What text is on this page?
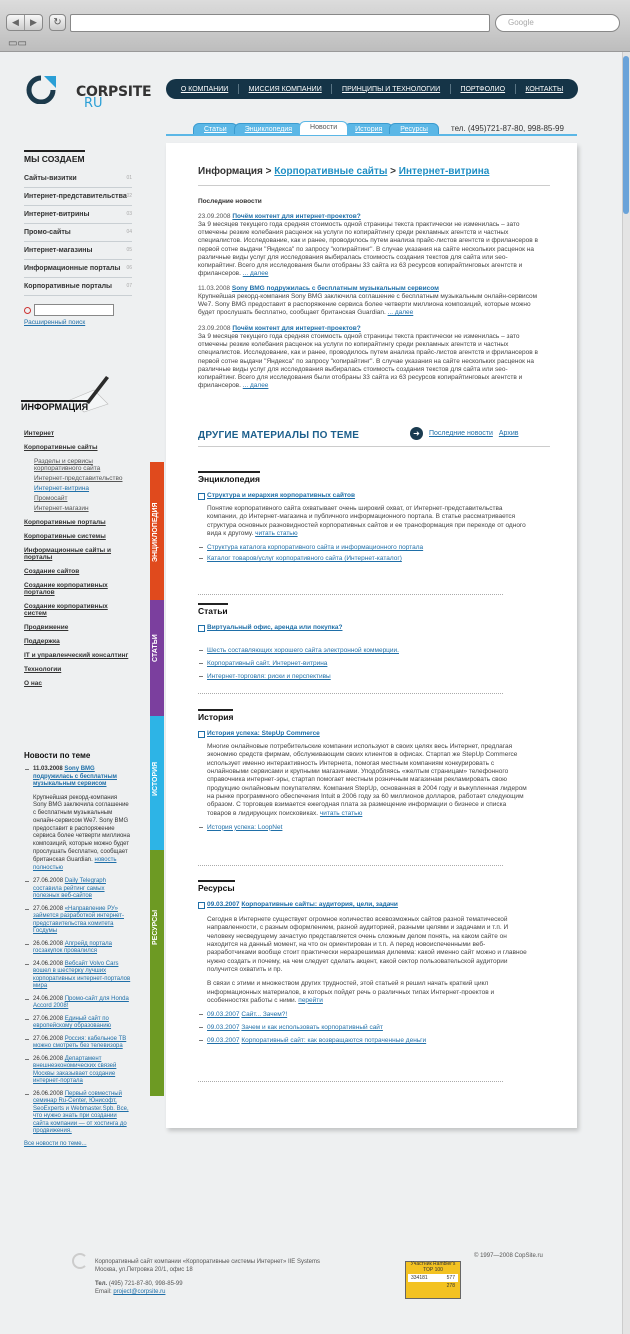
◀	▶	↻	Google
▭▭
CORPSITE
RU
О КОМПАНИИ	МИССИЯ КОМПАНИИ	ПРИНЦИПЫ И ТЕХНОЛОГИИ	ПОРТФОЛИО	КОНТАКТЫ
Статьи	Энциклопедия	Новости	История	Ресурсы	тел. (495)721-87-80, 998-85-99
МЫ СОЗДАЕМ
Сайты-визитки	01
Интернет-представительства 02
Интернет-витрины	03
Промо-сайты	04
Интернет-магазины	05
Информационные порталы 06
Корпоративные порталы	07
Расширенный поиск
ИНФОРМАЦИЯ
Интернет
Корпоративные сайты
Разделы и сервисы корпоративного сайта
Интернет-представительство
Интернет-витрина
Промосайт
Интернет-магазин
Корпоративные порталы
Корпоративные системы
Информационные сайты и порталы
Создание сайтов
Создание корпоративных порталов
Создание корпоративных систем
Продвижение
Поддержка
IT и управленческий консалтинг
Технологии
О нас
Новости по теме
11.03.2008 Sony BMG подружилась с бесплатным музыкальным сервисом
Крупнейшая рекорд-компания Sony BMG заключила соглашение с бесплатным музыкальным онлайн-сервисом We7. Sony BMG предоставит в распоряжение сервиса более четверти миллиона композиций, которые можно будет прослушать бесплатно, сообщает британская Guardian. новость полностью
27.06.2008 Daily Telegraph составила рейтинг самых полезных веб-сайтов
27.06.2008 «Направление РУ» займется разработкой интернет-представительства комитета Госдумы
26.06.2008 Апгрейд портала госзакупок провалился
24.06.2008 Вебсайт Volvo Cars вошел в шестерку лучших корпоративных интернет-порталов мира
24.06.2008 Промо-сайт для Honda Accord 2008!
27.06.2008 Единый сайт по европейскому образованию
27.06.2008 Россия: кабельное ТВ можно смотреть без телевизора
26.06.2008 Департамент внешнеэкономических связей Москвы заказывает создание интернет-портала
26.06.2008 Первый совместный семинар Ru-Center, Юнисофт, SeoExperts и Webmaster.Spb. Все, что нужно знать при создании сайта компании — от хостинга до продвижения.
Все новости по теме...
ЭНЦИКЛОПЕДИЯ
СТАТЬИ
ИСТОРИЯ
РЕСУРСЫ
Информация > Корпоративные сайты > Интернет-витрина
Последние новости
23.09.2008 Почём контент для интернет-проектов?
За 9 месяцев текущего года средняя стоимость одной страницы текста практически не изменилась – зато отмечены резкие колебания расценок на услуги по копирайтингу среди рекламных агентств и частных специалистов. Исследование, как и ранее, проводилось путем анализа прайс-листов агентств и фрилансеров в первой сотне выдачи "Яндекса" по запросу "копирайтинг". В случае указания на сайте нескольких расценок на различные виды услуг для исследования выбиралась стоимость создания текстов для сайта или seo-копирайтинг. Всего для исследования были отобраны 33 сайта из 63 ресурсов копирайтинговых агентств и фрилансеров. ... далее
11.03.2008 Sony BMG подружилась с бесплатным музыкальным сервисом
Крупнейшая рекорд-компания Sony BMG заключила соглашение с бесплатным музыкальным онлайн-сервисом We7. Sony BMG предоставит в распоряжение сервиса более четверти миллиона композиций, которые можно будет прослушать бесплатно, сообщает британская Guardian. ... далее
23.09.2008 Почём контент для интернет-проектов?
За 9 месяцев текущего года средняя стоимость одной страницы текста практически не изменилась – зато отмечены резкие колебания расценок на услуги по копирайтингу среди рекламных агентств и частных специалистов. Исследование, как и ранее, проводилось путем анализа прайс-листов агентств и фрилансеров в первой сотне выдачи "Яндекса" по запросу "копирайтинг". В случае указания на сайте нескольких расценок на различные виды услуг для исследования выбиралась стоимость создания текстов для сайта или seo-копирайтинг. Всего для исследования были отобраны 33 сайта из 63 ресурсов копирайтинговых агентств и фрилансеров. ... далее
ДРУГИЕ МАТЕРИАЛЫ ПО ТЕМЕ	➜	Последние новости Архив
Энциклопедия
Структура и иерархия корпоративных сайтов

Понятие корпоративного сайта охватывает очень широкий охват, от Интернет-представительства компании, до Интернет-магазина и публичного информационного портала. В статье рассматривается структура основных разновидностей корпоративных сайтов и ее трансформация при переходе от одного вида к другому. читать статью

Структура каталога корпоративного сайта и информационного портала
Каталог товаров/услуг корпоративного сайта (Интернет-каталог)
Статьи
Виртуальный офис, аренда или покупка?
Шесть составляющих хорошего сайта электронной коммерции.
Корпоративный сайт. Интернет-витрина
Интернет-торговля: риски и перспективы
История
История успеха: StepUp Commerce

Многие онлайновые потребительские компании используют в своих целях весь Интернет, предлагая экономию средств фирмам, обслуживающим своих клиентов в офисах. Стартап же StepUp Commerce использует именно интерактивность Интернета, помогая местным компаниям конкурировать с онлайновыми сервисами и крупными магазинами. Уподобляясь «желтым страницам» телефонного справочника интернет-эры, стартап помогает местным розничным магазинам рекламировать свою продукцию онлайновым покупателям. Компания StepUp, основанная в 2004 году и выкупленная лидером на рынке программного обеспечения Intuit в 2006 году за 60 миллионов долларов, работает следующим образом. С торговцев взимается ежегодная плата за размещение информации о бизнесе и списка товаров в лидирующих поисковиках. читать статью

История успеха: LoopNet
Ресурсы
09.03.2007 Корпоративные сайты: аудитория, цели, задачи

Сегодня в Интернете существует огромное количество всевозможных сайтов разной тематической направленности, с разным оформлением, разной аудиторией, разными целями и задачами и т.п. И человеку несведущему зачастую представляется очень сложным делом понять, на каком сайте он находится на данный момент, на что он ориентирован и т.п. А перед новоиспеченными веб-разработчиками вообще стоит практически неразрешимая дилемма: какой именно сайт можно и главное нужно создать и почему, на чем следует сделать акцент, какой сектор пользовательской аудитории получится охватить и пр.

В связи с этими и множеством других трудностей, этой статьей я решил начать краткий цикл информационных материалов, в которых пойдет речь о различных типах Интернет-проектов и особенностях работы с ними. перейти

09.03.2007 Сайт... Зачем?!
09.03.2007 Зачем и как использовать корпоративный сайт
09.03.2007 Корпоративный сайт: как возвращаются потраченные деньги
Корпоративный сайт компании «Корпоративные системы Интернет» IIE Systems
Москва, ул.Петровка 20/1, офис 18
Тел. (495) 721-87-80, 998-85-99
Email: project@corpsite.ru
© 1997—2008 CopSite.ru
Участник Rambler's TOP 100
334181	577
278
